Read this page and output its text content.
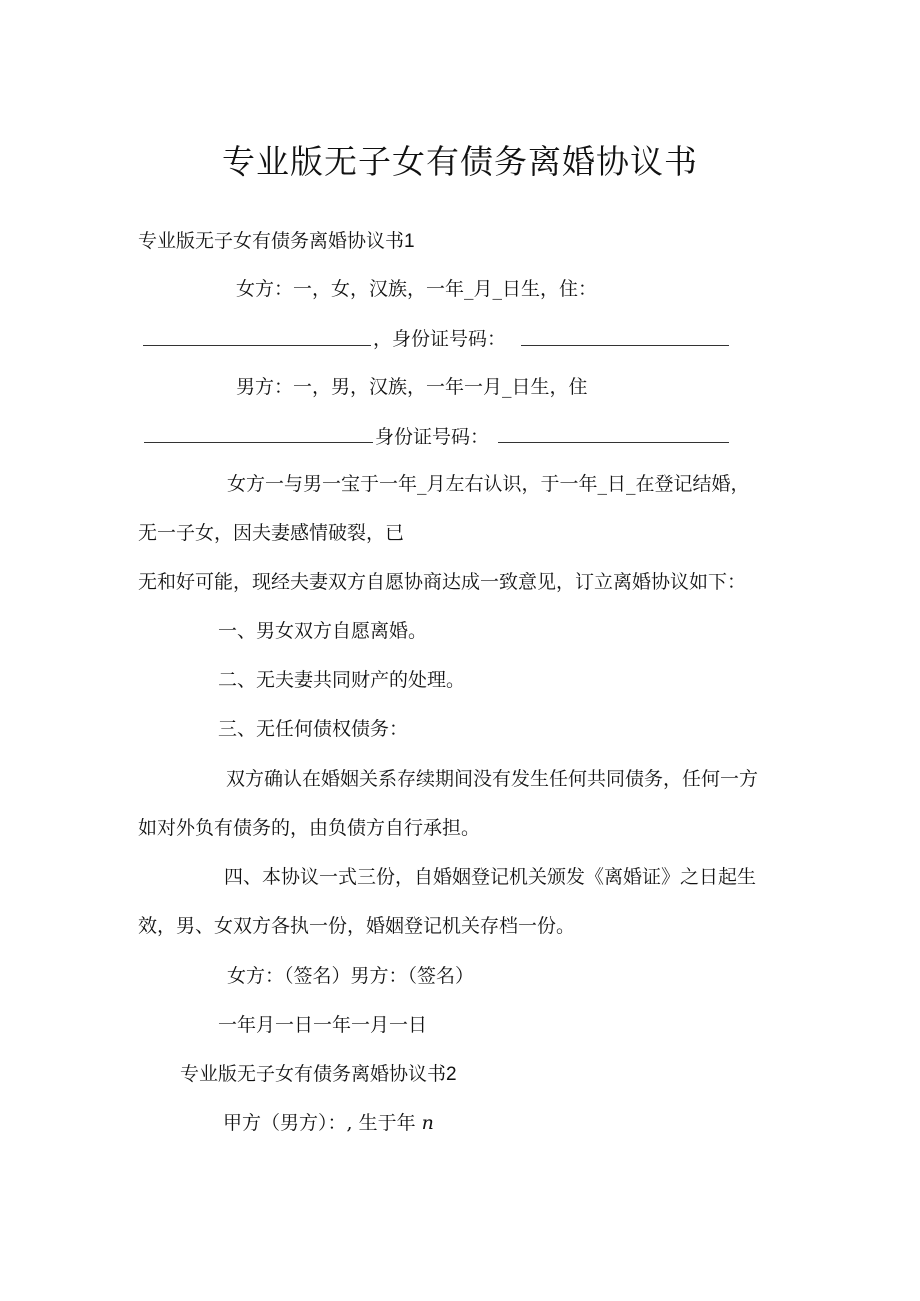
专业版无子女有债务离婚协议书
专业版无子女有债务离婚协议书1
女方：一，女，汉族，一年_月_日生，住：
，身份证号码：
男方：一，男，汉族，一年一月_日生，住
身份证号码：
女方一与男一宝于一年_月左右认识，于一年_日_在登记结婚，
无一子女，因夫妻感情破裂，已
无和好可能，现经夫妻双方自愿协商达成一致意见，订立离婚协议如下：
一、男女双方自愿离婚。
二、无夫妻共同财产的处理。
三、无任何债权债务：
双方确认在婚姻关系存续期间没有发生任何共同债务，任何一方
如对外负有债务的，由负债方自行承担。
四、本协议一式三份，自婚姻登记机关颁发《离婚证》之日起生
效，男、女双方各执一份，婚姻登记机关存档一份。
女方：（签名）男方：（签名）
一年月一日一年一月一日
专业版无子女有债务离婚协议书2
甲方（男方）：, 生于年 n
